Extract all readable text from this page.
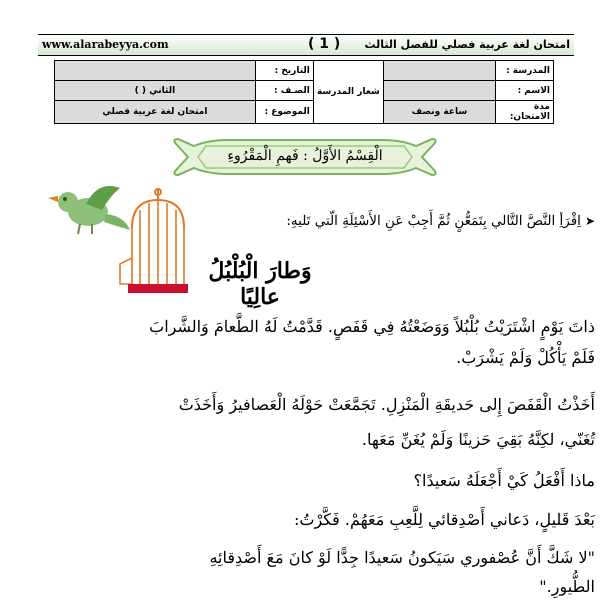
www.alarabeyya.com	( 1 ) امتحان لغة عربية فصلي للفصل الثالث
المدرسة :		شعار المدرسة	التاريخ :	
الاسم :			الصـف :	الثاني ( )
مدة الامتحان:	ساعة ونصف		الموضوع :	امتحان لغة عربية فصلي
الْقِسْمُ الأَوَّلُ : فَهمِ الْمَقْرُوءِ
➤اِقْرَأِ النَّصَّ التَّالي بِتَمَعُّنٍ ثُمَّ أَجِبْ عَنِ الأَسْئِلَةِ الّتي تَليهِ:
وَطارَ الْبُلْبُلُ عالِيًا
ذاتَ يَوْمٍ اشْتَرَيْتُ بُلْبُلاً وَوَضَعْتُهُ فِي قَفَصٍ. قَدَّمْتُ لَهُ الطَّعامَ وَالشَّرابَ
فَلَمْ يَأْكُلْ وَلَمْ يَشْرَبْ.
أَخَذْتُ الْقَفَصَ إِلى حَديقَةِ الْمَنْزِلِ. تَجَمَّعَتْ حَوْلَهُ الْعَصافيرُ وَأَخَذَتْ
تُغَنّي، لكِنَّهُ بَقِيَ حَزينًا وَلَمْ يُغَنِّ مَعَها.
ماذا أَفْعَلُ كَيْ أَجْعَلَهُ سَعيدًا؟
بَعْدَ قَليلٍ، دَعاني أَصْدِقائي لِلَّعِبِ مَعَهُمْ. فَكَّرْتُ:
"لا شَكَّ أَنَّ عُصْفوري سَيَكونُ سَعيدًا جِدًّا لَوْ كانَ مَعَ أَصْدِقائِهِ
الطُّيورِ."
